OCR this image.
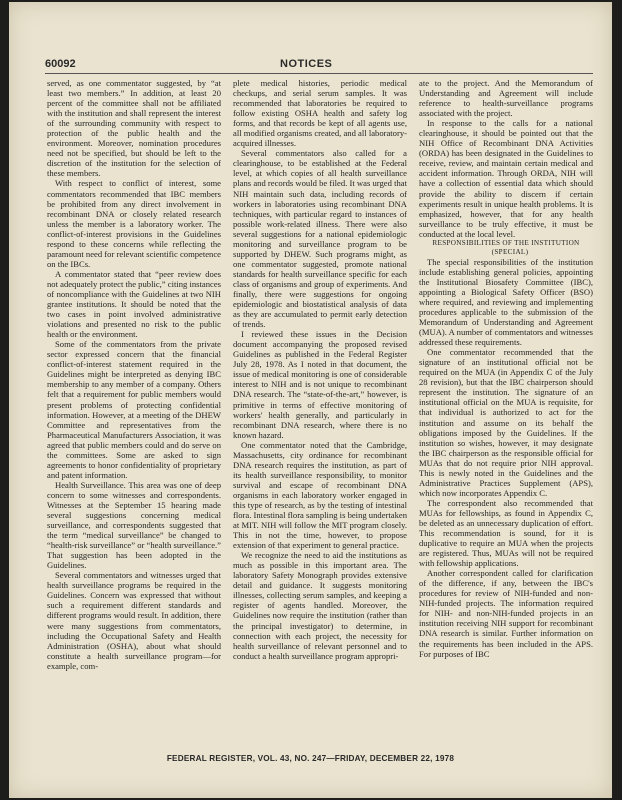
60092	NOTICES

served, as one commentator suggested, by “at least two members.” In addition, at least 20 percent of the committee shall not be affiliated with the institution and shall represent the interest of the surrounding community with respect to protection of the public health and the environment. Moreover, nomination procedures need not be specified, but should be left to the discretion of the institution for the selection of these members.

With respect to conflict of interest, some commentators recommended that IBC members be prohibited from any direct involvement in recombinant DNA or closely related research unless the member is a laboratory worker. The conflict-of-interest provisions in the Guidelines respond to these concerns while reflecting the paramount need for relevant scientific competence on the IBCs.

A commentator stated that “peer review does not adequately protect the public,” citing instances of noncompliance with the Guidelines at two NIH grantee institutions. It should be noted that the two cases in point involved administrative violations and presented no risk to the public health or the environment.

Some of the commentators from the private sector expressed concern that the financial conflict-of-interest statement required in the Guidelines might be interpreted as denying IBC membership to any member of a company. Others felt that a requirement for public members would present problems of protecting confidential information. However, at a meeting of the DHEW Committee and representatives from the Pharmaceutical Manufacturers Association, it was agreed that public members could and do serve on the committees. Some are asked to sign agreements to honor confidentiality of proprietary and patent information.

Health Surveillance. This area was one of deep concern to some witnesses and correspondents. Witnesses at the September 15 hearing made several suggestions concerning medical surveillance, and correspondents suggested that the term “medical surveillance” be changed to “health-risk surveillance” or “health surveillance.” That suggestion has been adopted in the Guidelines.

Several commentators and witnesses urged that health surveillance programs be required in the Guidelines. Concern was expressed that without such a requirement different standards and different programs would result. In addition, there were many suggestions from commentators, including the Occupational Safety and Health Administration (OSHA), about what should constitute a health surveillance program—for example, com-

plete medical histories, periodic medical checkups, and serial serum samples. It was recommended that laboratories be required to follow existing OSHA health and safety log forms, and that records be kept of all agents use, all modified organisms created, and all laboratory-acquired illnesses.

Several commentators also called for a clearinghouse, to be established at the Federal level, at which copies of all health surveillance plans and records would be filed. It was urged that NIH maintain such data, including records of workers in laboratories using recombinant DNA techniques, with particular regard to instances of possible work-related illness. There were also several suggestions for a national epidemiologic monitoring and surveillance program to be supported by DHEW. Such programs might, as one commentator suggested, promote national standards for health surveillance specific for each class of organisms and group of experiments. And finally, there were suggestions for ongoing epidemiologic and biostatistical analysis of data as they are accumulated to permit early detection of trends.

I reviewed these issues in the Decision document accompanying the proposed revised Guidelines as published in the Federal Register July 28, 1978. As I noted in that document, the issue of medical monitoring is one of considerable interest to NIH and is not unique to recombinant DNA research. The “state-of-the-art,” however, is primitive in terms of effective monitoring of workers' health generally, and particularly in recombinant DNA research, where there is no known hazard.

One commentator noted that the Cambridge, Massachusetts, city ordinance for recombinant DNA research requires the institution, as part of its health surveillance responsibility, to monitor survival and escape of recombinant DNA organisms in each laboratory worker engaged in this type of research, as by the testing of intestinal flora. Intestinal flora sampling is being undertaken at MIT. NIH will follow the MIT program closely. This in not the time, however, to propose extension of that experiment to general practice.

We recognize the need to aid the institutions as much as possible in this important area. The laboratory Safety Monograph provides extensive detail and guidance. It suggests monitoring illnesses, collecting serum samples, and keeping a register of agents handled. Moreover, the Guidelines now require the institution (rather than the principal investigator) to determine, in connection with each project, the necessity for health surveillance of relevant personnel and to conduct a health surveillance program appropri-

ate to the project. And the Memorandum of Understanding and Agreement will include reference to health-surveillance programs associated with the project.

In response to the calls for a national clearinghouse, it should be pointed out that the NIH Office of Recombinant DNA Activities (ORDA) has been designated in the Guidelines to receive, review, and maintain certain medical and accident information. Through ORDA, NIH will have a collection of essential data which should provide the ability to discern if certain experiments result in unique health problems. It is emphasized, however, that for any health surveillance to be truly effective, it must be conducted at the local level.

RESPONSIBILITIES OF THE INSTITUTION

(SPECIAL)

The special responsibilities of the institution include establishing general policies, appointing the Institutional Biosafety Committee (IBC), appointing a Biological Safety Officer (BSO) where required, and reviewing and implementing procedures applicable to the submission of the Memorandum of Understanding and Agreement (MUA). A number of commentators and witnesses addressed these requirements.

One commentator recommended that the signature of an institutional official not be required on the MUA (in Appendix C of the July 28 revision), but that the IBC chairperson should represent the institution. The signature of an institutional official on the MUA is requisite, for that individual is authorized to act for the institution and assume on its behalf the obligations imposed by the Guidelines. If the institution so wishes, however, it may designate the IBC chairperson as the responsible official for MUAs that do not require prior NIH approval. This is newly noted in the Guidelines and the Administrative Practices Supplement (APS), which now incorporates Appendix C.

The correspondent also recommended that MUAs for fellowships, as found in Appendix C, be deleted as an unnecessary duplication of effort. This recommendation is sound, for it is duplicative to require an MUA when the projects are registered. Thus, MUAs will not be required with fellowship applications.

Another correspondent called for clarification of the difference, if any, between the IBC's procedures for review of NIH-funded and non-NIH-funded projects. The information required for NIH- and non-NIH-funded projects in an institution receiving NIH support for recombinant DNA research is similar. Further information on the requirements has been included in the APS. For purposes of IBC

FEDERAL REGISTER, VOL. 43, NO. 247—FRIDAY, DECEMBER 22, 1978
